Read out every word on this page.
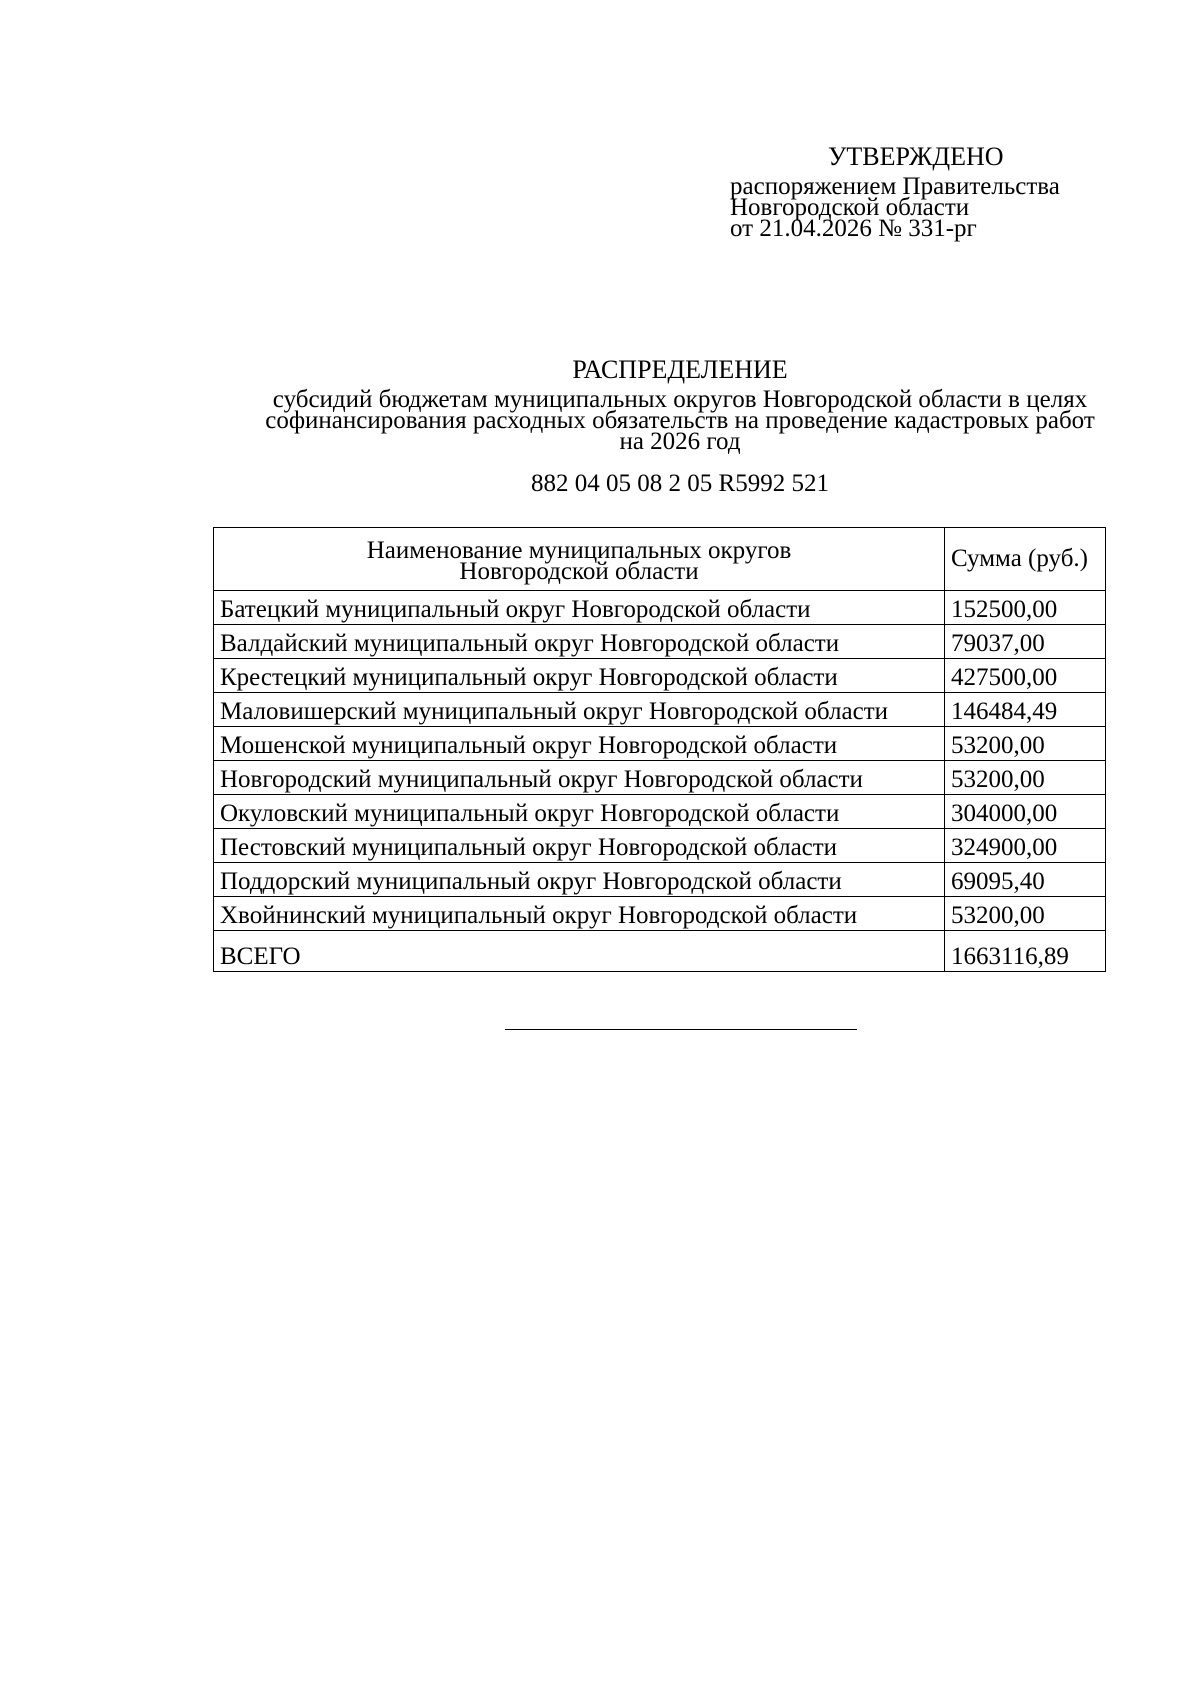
УТВЕРЖДЕНО
распоряжением Правительства
Новгородской области
от 21.04.2026 № 331-рг
РАСПРЕДЕЛЕНИЕ
субсидий бюджетам муниципальных округов Новгородской области в целях
софинансирования расходных обязательств на проведение кадастровых работ
на 2026 год
882 04 05 08 2 05 R5992 521
Наименование муниципальных округов
Новгородской области	Сумма (руб.)
Батецкий муниципальный округ Новгородской области	152500,00
Валдайский муниципальный округ Новгородской области	79037,00
Крестецкий муниципальный округ Новгородской области	427500,00
Маловишерский муниципальный округ Новгородской области	146484,49
Мошенской муниципальный округ Новгородской области	53200,00
Новгородский муниципальный округ Новгородской области	53200,00
Окуловский муниципальный округ Новгородской области	304000,00
Пестовский муниципальный округ Новгородской области	324900,00
Поддорский муниципальный округ Новгородской области	69095,40
Хвойнинский муниципальный округ Новгородской области	53200,00
ВСЕГО	1663116,89
